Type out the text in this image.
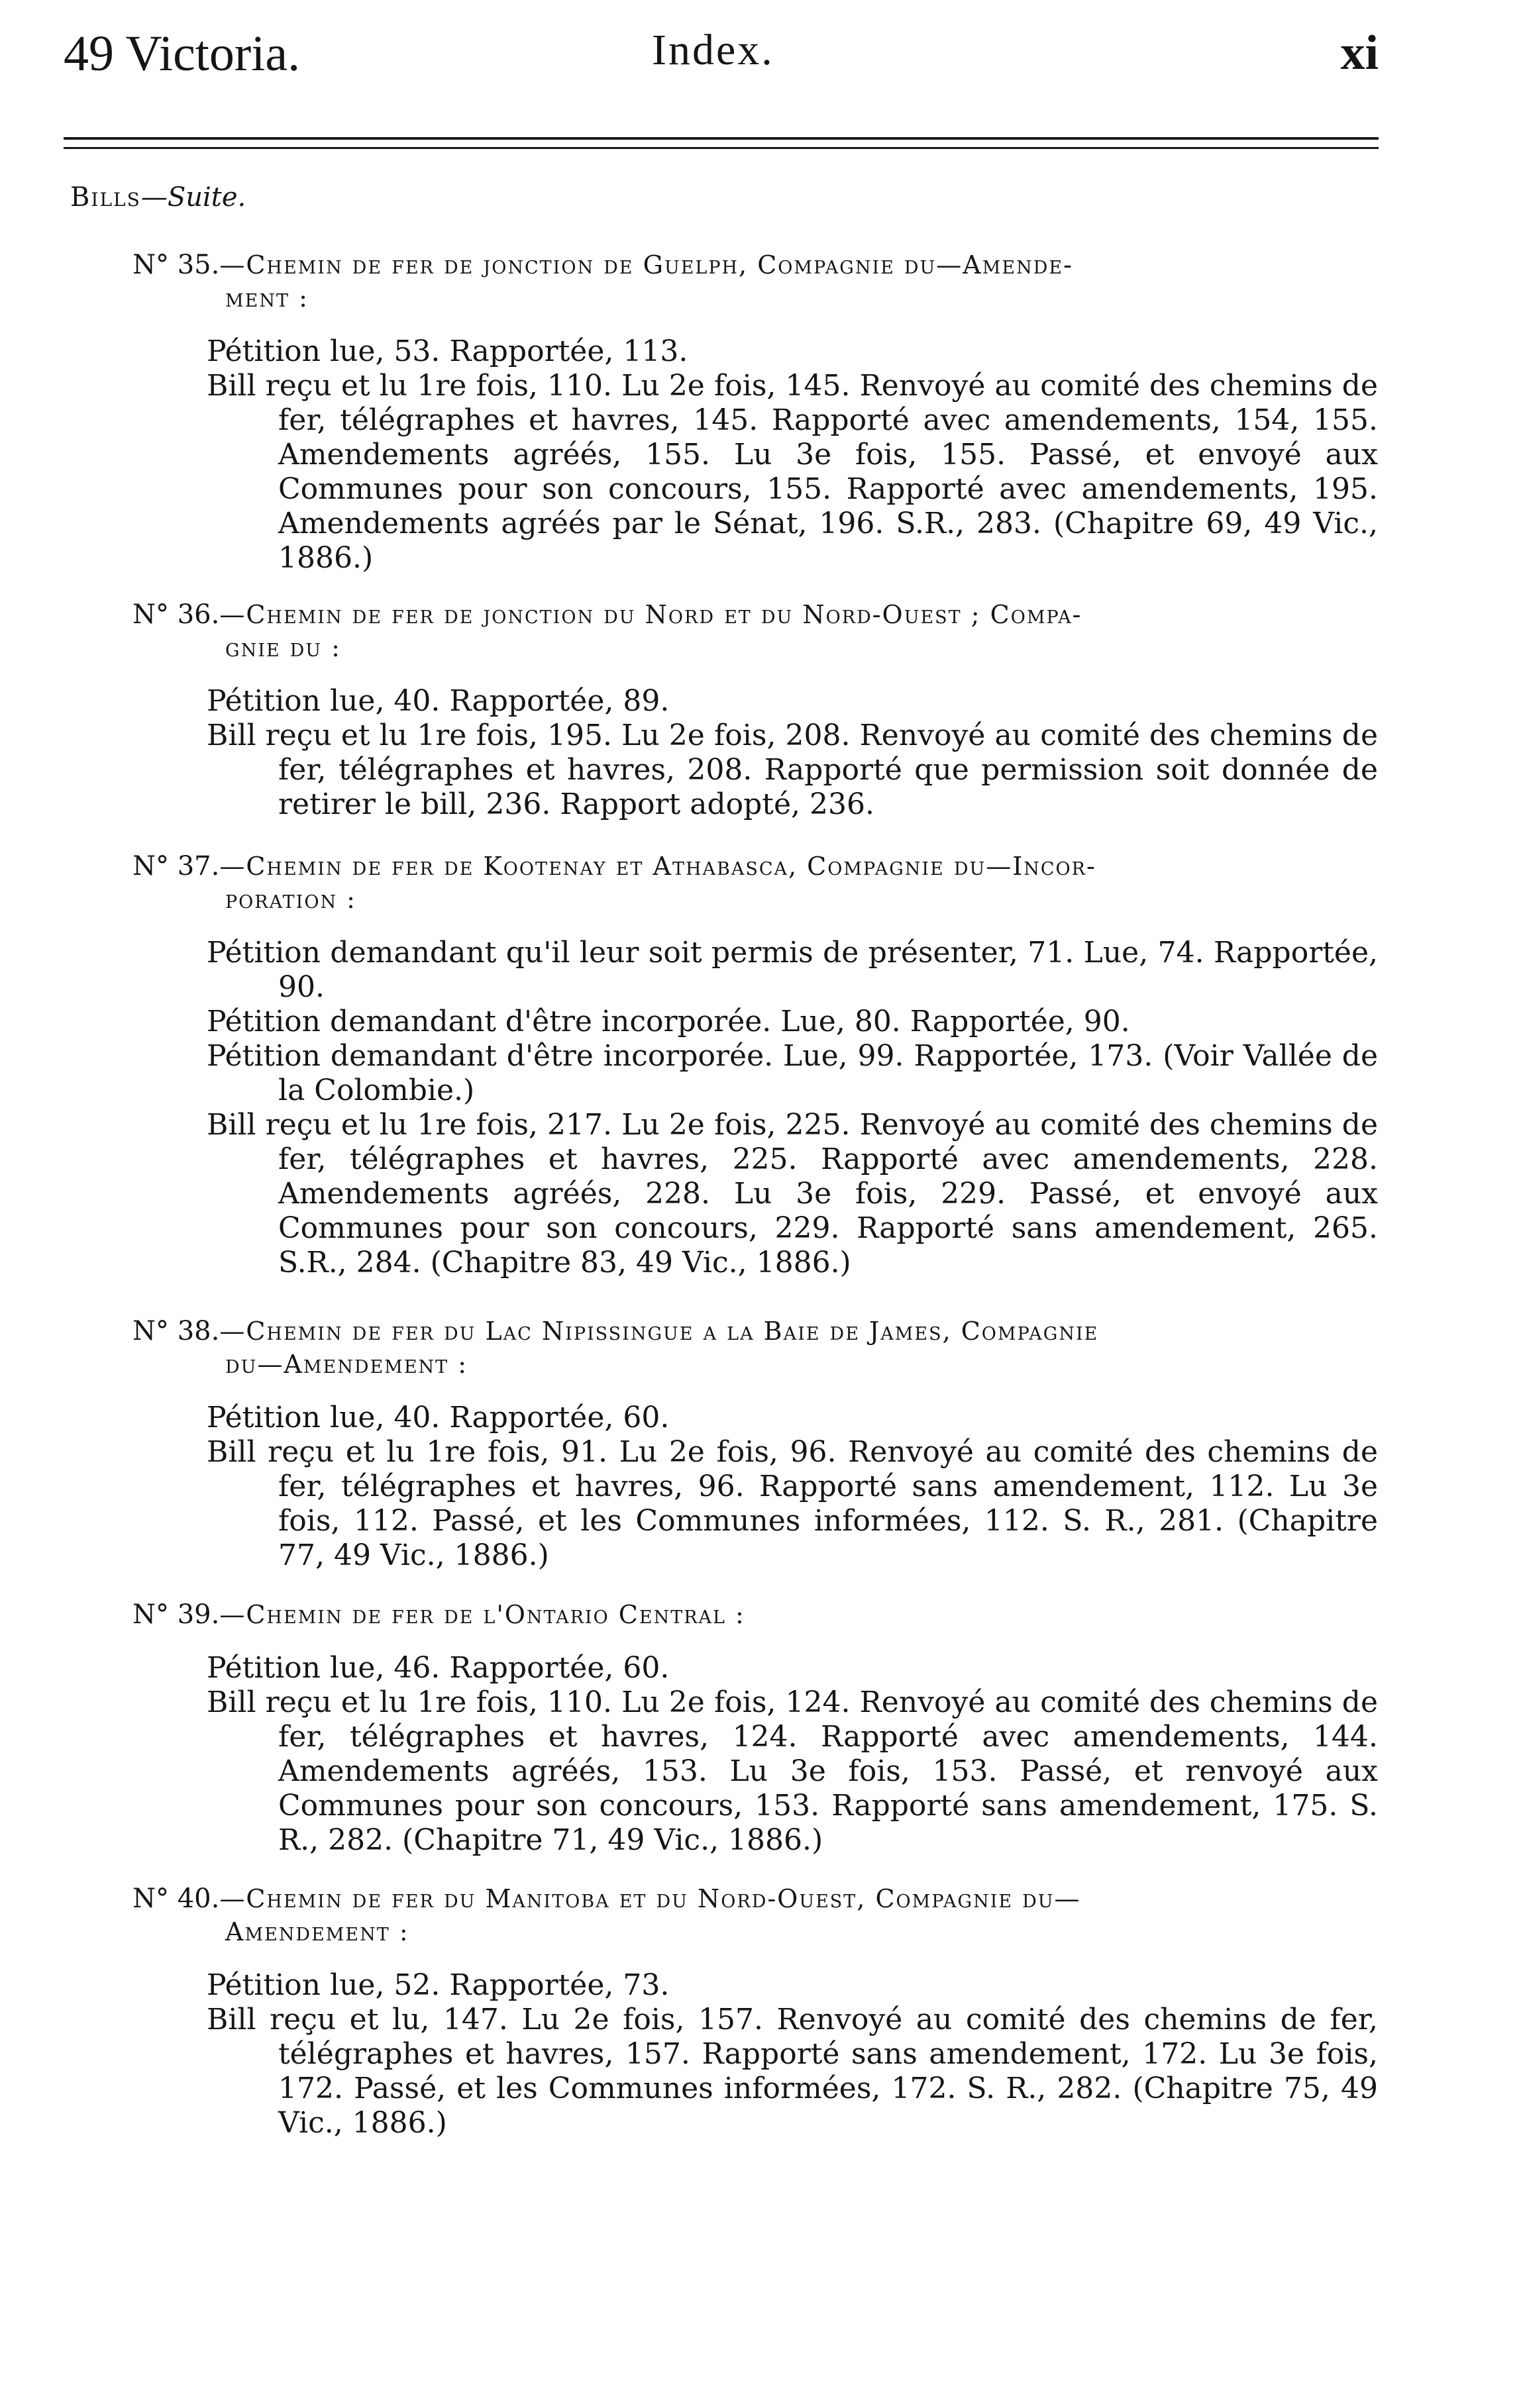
49 Victoria.	Index.	xi
Bills—Suite.
N° 35.—Chemin de fer de jonction de Guelph, Compagnie du—Amende-
ment :
Pétition lue, 53. Rapportée, 113.
Bill reçu et lu 1re fois, 110. Lu 2e fois, 145. Renvoyé au comité des chemins de fer, télégraphes et havres, 145. Rapporté avec amendements, 154, 155. Amendements agréés, 155. Lu 3e fois, 155. Passé, et envoyé aux Communes pour son concours, 155. Rapporté avec amendements, 195. Amendements agréés par le Sénat, 196. S.R., 283. (Chapitre 69, 49 Vic., 1886.)
N° 36.—Chemin de fer de jonction du Nord et du Nord-Ouest ; Compa-
gnie du :
Pétition lue, 40. Rapportée, 89.
Bill reçu et lu 1re fois, 195. Lu 2e fois, 208. Renvoyé au comité des chemins de fer, télégraphes et havres, 208. Rapporté que permission soit donnée de retirer le bill, 236. Rapport adopté, 236.
N° 37.—Chemin de fer de Kootenay et Athabasca, Compagnie du—Incor-
poration :
Pétition demandant qu'il leur soit permis de présenter, 71. Lue, 74. Rapportée, 90.
Pétition demandant d'être incorporée. Lue, 80. Rapportée, 90.
Pétition demandant d'être incorporée. Lue, 99. Rapportée, 173. (Voir Vallée de la Colombie.)
Bill reçu et lu 1re fois, 217. Lu 2e fois, 225. Renvoyé au comité des chemins de fer, télégraphes et havres, 225. Rapporté avec amendements, 228. Amendements agréés, 228. Lu 3e fois, 229. Passé, et envoyé aux Communes pour son concours, 229. Rapporté sans amendement, 265. S.R., 284. (Chapitre 83, 49 Vic., 1886.)
N° 38.—Chemin de fer du Lac Nipissingue a la Baie de James, Compagnie
du—Amendement :
Pétition lue, 40. Rapportée, 60.
Bill reçu et lu 1re fois, 91. Lu 2e fois, 96. Renvoyé au comité des chemins de fer, télégraphes et havres, 96. Rapporté sans amendement, 112. Lu 3e fois, 112. Passé, et les Communes informées, 112. S. R., 281. (Chapitre 77, 49 Vic., 1886.)
N° 39.—Chemin de fer de l'Ontario Central :
Pétition lue, 46. Rapportée, 60.
Bill reçu et lu 1re fois, 110. Lu 2e fois, 124. Renvoyé au comité des chemins de fer, télégraphes et havres, 124. Rapporté avec amendements, 144. Amendements agréés, 153. Lu 3e fois, 153. Passé, et renvoyé aux Communes pour son concours, 153. Rapporté sans amendement, 175. S. R., 282. (Chapitre 71, 49 Vic., 1886.)
N° 40.—Chemin de fer du Manitoba et du Nord-Ouest, Compagnie du—
Amendement :
Pétition lue, 52. Rapportée, 73.
Bill reçu et lu, 147. Lu 2e fois, 157. Renvoyé au comité des chemins de fer, télégraphes et havres, 157. Rapporté sans amendement, 172. Lu 3e fois, 172. Passé, et les Communes informées, 172. S. R., 282. (Chapitre 75, 49 Vic., 1886.)
